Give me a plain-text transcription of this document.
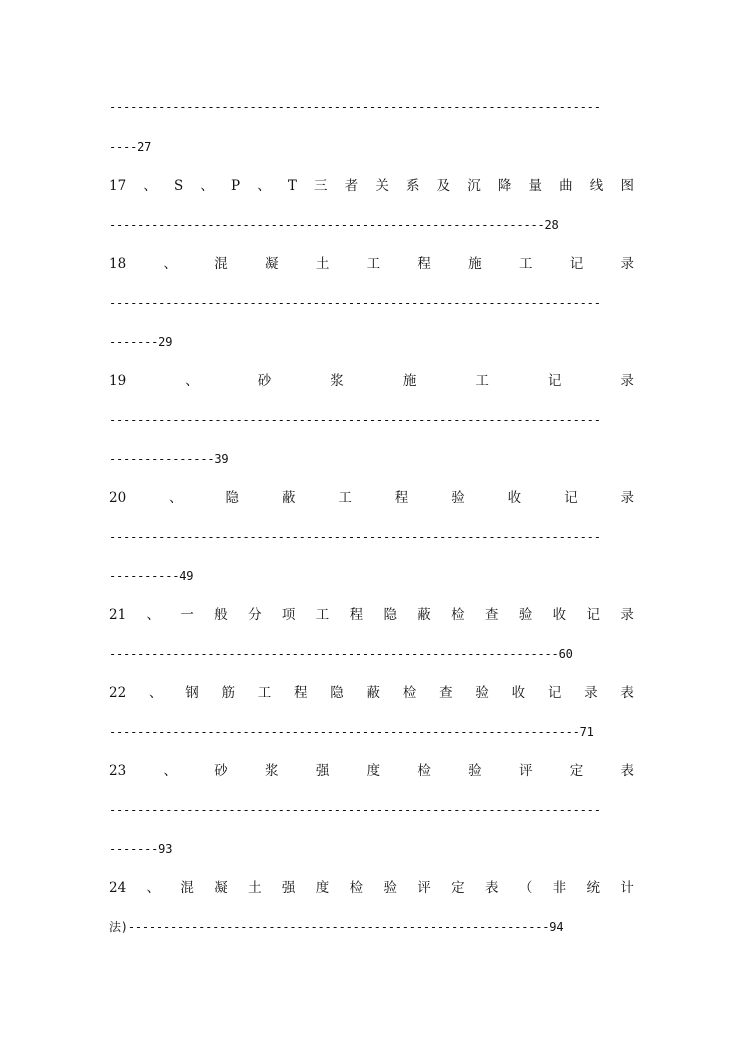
----------------------------------------------------------------------
----27
17 、 S 、 P 、 T 三 者 关 系 及 沉 降 量 曲 线 图
--------------------------------------------------------------28
18	、	混	凝	土	工	程	施	工	记	录
----------------------------------------------------------------------
-------29
19	、	砂	浆	施	工	记	录
----------------------------------------------------------------------
---------------39
20	、	隐	蔽	工	程	验	收	记	录
----------------------------------------------------------------------
----------49
21 、 一 般 分 项 工 程 隐 蔽 检 查 验 收 记 录
----------------------------------------------------------------60
22 、 钢 筋 工 程 隐 蔽 检 查 验 收 记 录 表
-------------------------------------------------------------------71
23	、	砂	浆	强	度	检	验	评	定	表
----------------------------------------------------------------------
-------93
24 、 混 凝 土 强 度 检 验 评 定 表 （ 非 统 计
法)------------------------------------------------------------94
